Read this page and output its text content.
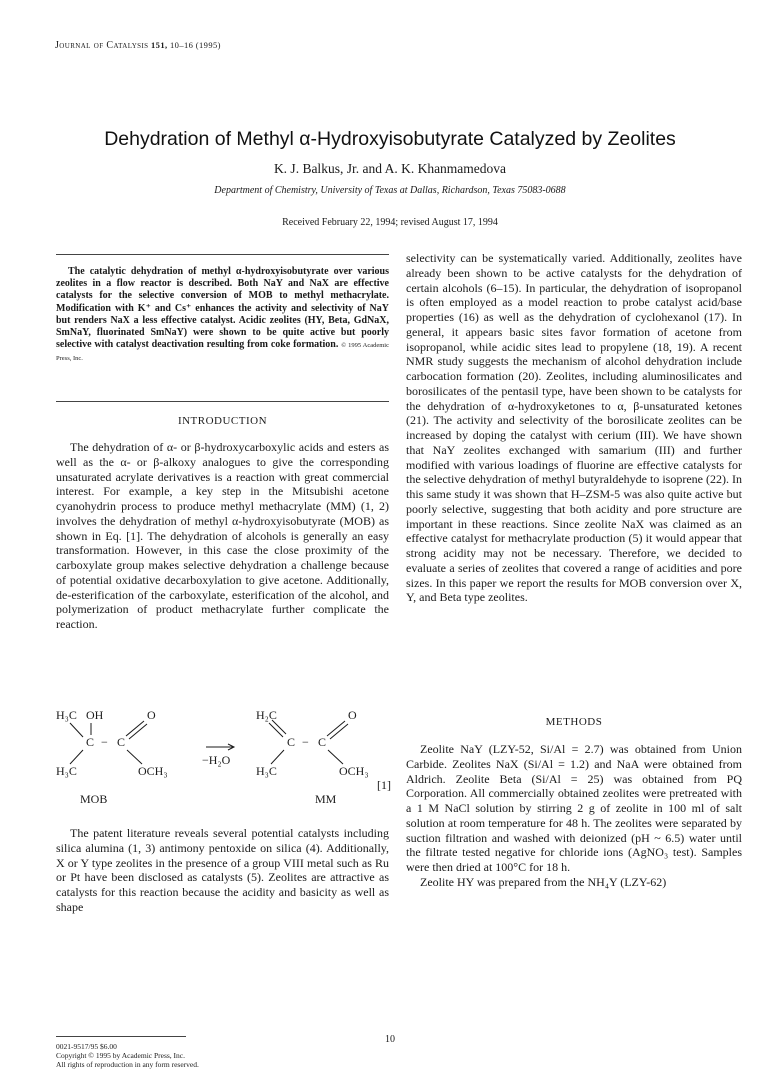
Journal of Catalysis 151, 10–16 (1995)
Dehydration of Methyl α-Hydroxyisobutyrate Catalyzed by Zeolites
K. J. Balkus, Jr. and A. K. Khanmamedova
Department of Chemistry, University of Texas at Dallas, Richardson, Texas 75083-0688
Received February 22, 1994; revised August 17, 1994

The catalytic dehydration of methyl α-hydroxyisobutyrate over various zeolites in a flow reactor is described. Both NaY and NaX are effective catalysts for the selective conversion of MOB to methyl methacrylate. Modification with K⁺ and Cs⁺ enhances the activity and selectivity of NaY but renders NaX a less effective catalyst. Acidic zeolites (HY, Beta, GdNaX, SmNaY, fluorinated SmNaY) were shown to be quite active but poorly selective with catalyst deactivation resulting from coke formation. © 1995 Academic Press, Inc.

INTRODUCTION

The dehydration of α- or β-hydroxycarboxylic acids and esters as well as the α- or β-alkoxy analogues to give the corresponding unsaturated acrylate derivatives is a reaction with great commercial interest. For example, a key step in the Mitsubishi acetone cyanohydrin process to produce methyl methacrylate (MM) (1, 2) involves the dehydration of methyl α-hydroxyisobutyrate (MOB) as shown in Eq. [1]. The dehydration of alcohols is generally an easy transformation. However, in this case the close proximity of the carboxylate group makes selective dehydration a challenge because of potential oxidative decarboxylation to give acetone. Additionally, de-esterification of the carboxylate, esterification of the alcohol, and polymerization of product methacrylate further complicate the reaction.

H₃C OH	O
C − C
H₃C	OCH₃
MOB
−H₂O
H₂C	O
C − C
H₃C	OCH₃
[1]
MM

The patent literature reveals several potential catalysts including silica alumina (1, 3) antimony pentoxide on silica (4). Additionally, X or Y type zeolites in the presence of a group VIII metal such as Ru or Pt have been disclosed as catalysts (5). Zeolites are attractive as catalysts for this reaction because the acidity and basicity as well as shape

selectivity can be systematically varied. Additionally, zeolites have already been shown to be active catalysts for the dehydration of certain alcohols (6–15). In particular, the dehydration of isopropanol is often employed as a model reaction to probe catalyst acid/base properties (16) as well as the dehydration of cyclohexanol (17). In general, it appears basic sites favor formation of acetone from isopropanol, while acidic sites lead to propylene (18, 19). A recent NMR study suggests the mechanism of alcohol dehydration include carbocation formation (20). Zeolites, including aluminosilicates and borosilicates of the pentasil type, have been shown to be catalysts for the dehydration of α-hydroxyketones to α, β-unsaturated ketones (21). The activity and selectivity of the borosilicate zeolites can be increased by doping the catalyst with cerium (III). We have shown that NaY zeolites exchanged with samarium (III) and further modified with various loadings of fluorine are effective catalysts for the selective dehydration of methyl butyraldehyde to isoprene (22). In this same study it was shown that H–ZSM-5 was also quite active but poorly selective, suggesting that both acidity and pore structure are important in these reactions. Since zeolite NaX was claimed as an effective catalyst for methacrylate production (5) it would appear that strong acidity may not be necessary. Therefore, we decided to evaluate a series of zeolites that covered a range of acidities and pore sizes. In this paper we report the results for MOB conversion over X, Y, and Beta type zeolites.

METHODS

Zeolite NaY (LZY-52, Si/Al = 2.7) was obtained from Union Carbide. Zeolites NaX (Si/Al = 1.2) and NaA were obtained from Aldrich. Zeolite Beta (Si/Al = 25) was obtained from PQ Corporation. All commercially obtained zeolites were pretreated with a 1 M NaCl solution by stirring 2 g of zeolite in 100 ml of salt solution at room temperature for 48 h. The zeolites were separated by suction filtration and washed with deionized (pH ~ 6.5) water until the filtrate tested negative for chloride ions (AgNO₃ test). Samples were then dried at 100°C for 18 h.

Zeolite HY was prepared from the NH₄Y (LZY-62)

10
0021-9517/95 $6.00
Copyright © 1995 by Academic Press, Inc.
All rights of reproduction in any form reserved.
